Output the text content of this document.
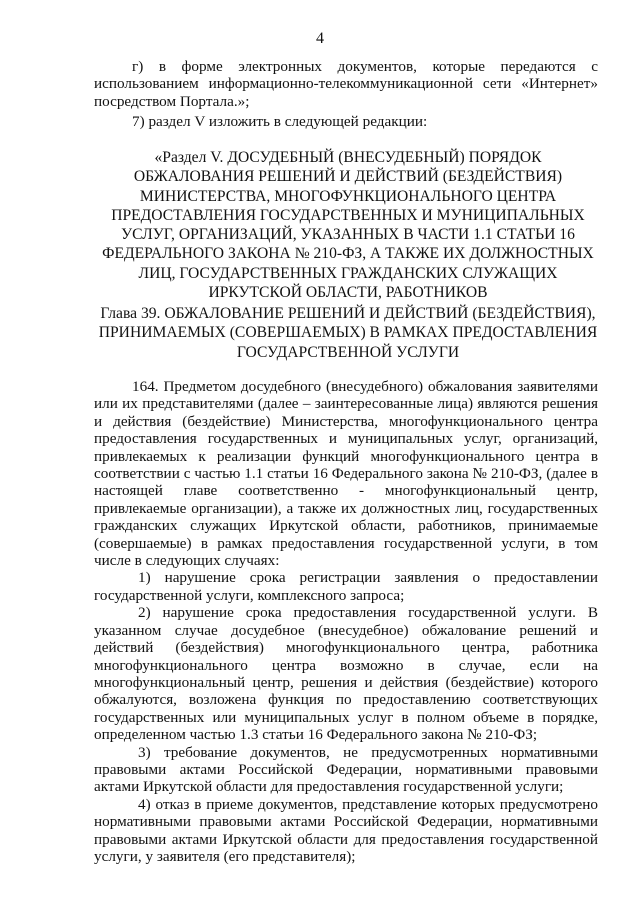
4

г) в форме электронных документов, которые передаются с использованием информационно-телекоммуникационной сети «Интернет» посредством Портала.»;

7) раздел V изложить в следующей редакции:

«Раздел V. ДОСУДЕБНЫЙ (ВНЕСУДЕБНЫЙ) ПОРЯДОК ОБЖАЛОВАНИЯ РЕШЕНИЙ И ДЕЙСТВИЙ (БЕЗДЕЙСТВИЯ) МИНИСТЕРСТВА, МНОГОФУНКЦИОНАЛЬНОГО ЦЕНТРА ПРЕДОСТАВЛЕНИЯ ГОСУДАРСТВЕННЫХ И МУНИЦИПАЛЬНЫХ УСЛУГ, ОРГАНИЗАЦИЙ, УКАЗАННЫХ В ЧАСТИ 1.1 СТАТЬИ 16 ФЕДЕРАЛЬНОГО ЗАКОНА № 210-ФЗ, А ТАКЖЕ ИХ ДОЛЖНОСТНЫХ ЛИЦ, ГОСУДАРСТВЕННЫХ ГРАЖДАНСКИХ СЛУЖАЩИХ ИРКУТСКОЙ ОБЛАСТИ, РАБОТНИКОВ

Глава 39. ОБЖАЛОВАНИЕ РЕШЕНИЙ И ДЕЙСТВИЙ (БЕЗДЕЙСТВИЯ), ПРИНИМАЕМЫХ (СОВЕРШАЕМЫХ) В РАМКАХ ПРЕДОСТАВЛЕНИЯ ГОСУДАРСТВЕННОЙ УСЛУГИ

164. Предметом досудебного (внесудебного) обжалования заявителями или их представителями (далее – заинтересованные лица) являются решения и действия (бездействие) Министерства, многофункционального центра предоставления государственных и муниципальных услуг, организаций, привлекаемых к реализации функций многофункционального центра в соответствии с частью 1.1 статьи 16 Федерального закона № 210-ФЗ, (далее в настоящей главе соответственно - многофункциональный центр, привлекаемые организации), а также их должностных лиц, государственных гражданских служащих Иркутской области, работников, принимаемые (совершаемые) в рамках предоставления государственной услуги, в том числе в следующих случаях:

1) нарушение срока регистрации заявления о предоставлении государственной услуги, комплексного запроса;

2) нарушение срока предоставления государственной услуги. В указанном случае досудебное (внесудебное) обжалование решений и действий (бездействия) многофункционального центра, работника многофункционального центра возможно в случае, если на многофункциональный центр, решения и действия (бездействие) которого обжалуются, возложена функция по предоставлению соответствующих государственных или муниципальных услуг в полном объеме в порядке, определенном частью 1.3 статьи 16 Федерального закона № 210-ФЗ;

3) требование документов, не предусмотренных нормативными правовыми актами Российской Федерации, нормативными правовыми актами Иркутской области для предоставления государственной услуги;

4) отказ в приеме документов, представление которых предусмотрено нормативными правовыми актами Российской Федерации, нормативными правовыми актами Иркутской области для предоставления государственной услуги, у заявителя (его представителя);
